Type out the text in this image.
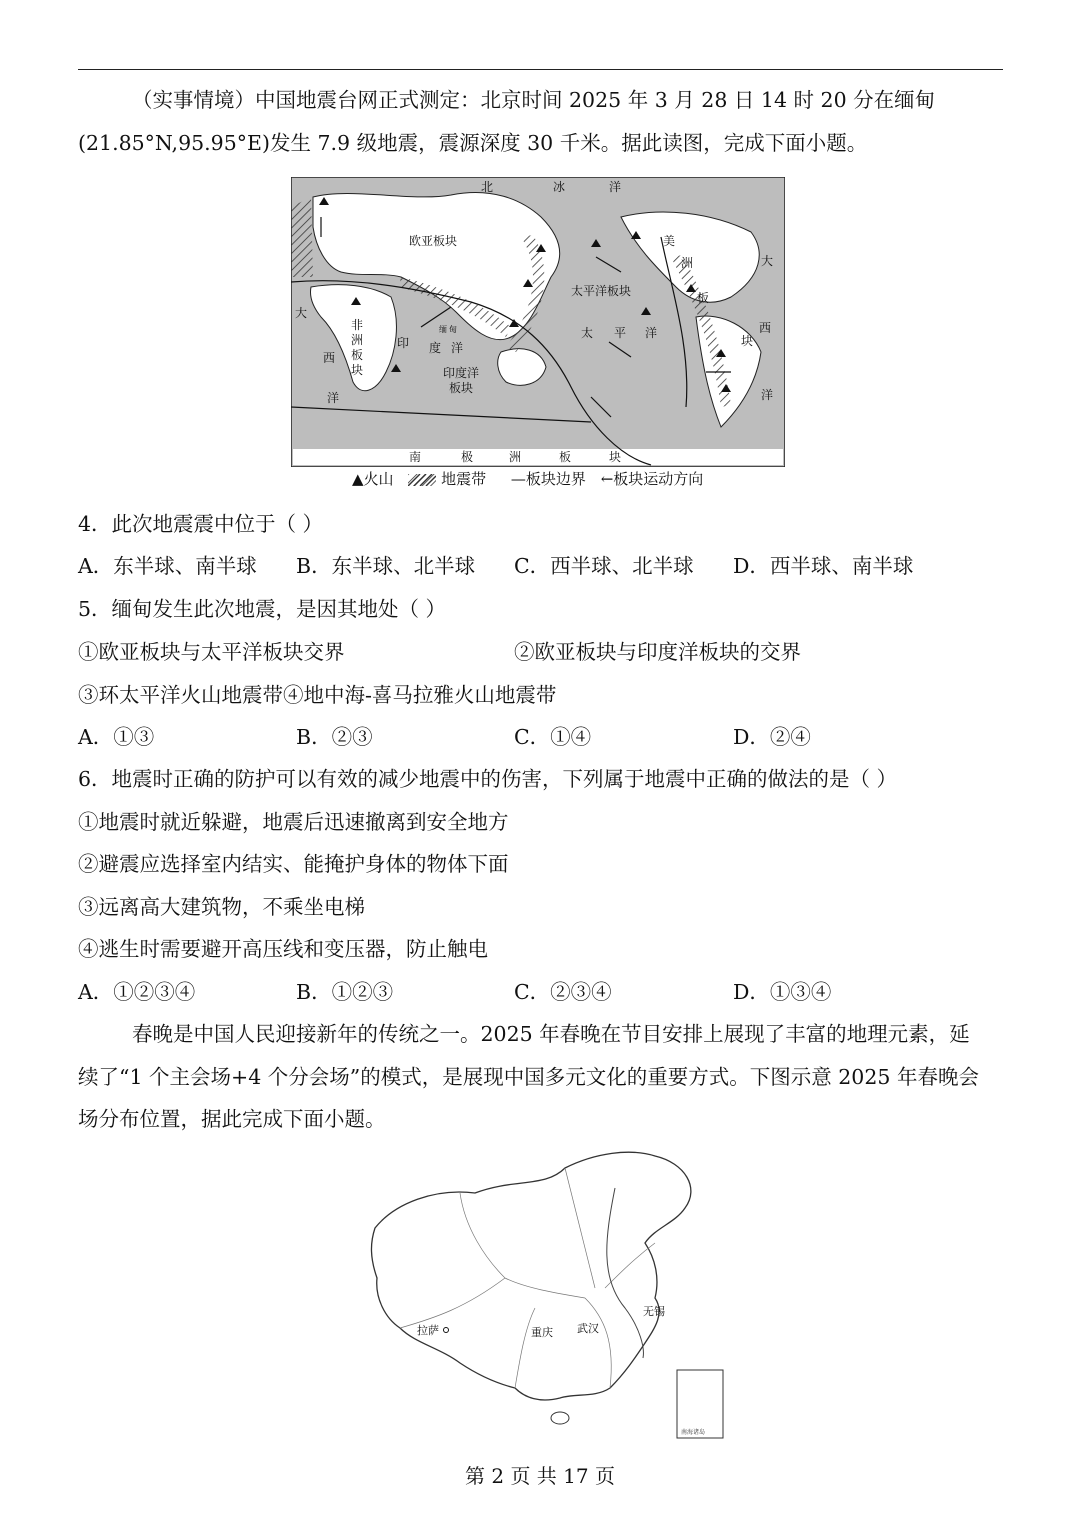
（实事情境）中国地震台网正式测定：北京时间 2025 年 3 月 28 日 14 时 20 分在缅甸
(21.85°N,95.95°E)发生 7.9 级地震，震源深度 30 千米。据此读图，完成下面小题。
北	冰	洋
欧亚板块
太平洋板块
太 平 洋
美
洲	大
板
西
块
非
洲
板
块
大
西
洋	洋
印 度 洋
缅 甸
印度洋
板块
南	极	洲	板	块
▲火山	地震带 —板块边界 ←板块运动方向
4．此次地震震中位于（ ）
A．东半球、南半球 B．东半球、北半球 C．西半球、北半球 D．西半球、南半球
5．缅甸发生此次地震，是因其地处（ ）
①欧亚板块与太平洋板块交界	②欧亚板块与印度洋板块的交界
③环太平洋火山地震带④地中海-喜马拉雅火山地震带
A．①③	B．②③	C．①④	D．②④
6．地震时正确的防护可以有效的减少地震中的伤害，下列属于地震中正确的做法的是（ ）
①地震时就近躲避，地震后迅速撤离到安全地方
②避震应选择室内结实、能掩护身体的物体下面
③远离高大建筑物，不乘坐电梯
④逃生时需要避开高压线和变压器，防止触电
A．①②③④	B．①②③	C．②③④	D．①③④
春晚是中国人民迎接新年的传统之一。2025 年春晚在节目安排上展现了丰富的地理元素，延
续了“1 个主会场+4 个分会场”的模式，是展现中国多元文化的重要方式。下图示意 2025 年春晚会
场分布位置，据此完成下面小题。
南海诸岛
拉萨	重庆 武汉
无锡
第 2 页 共 17 页
